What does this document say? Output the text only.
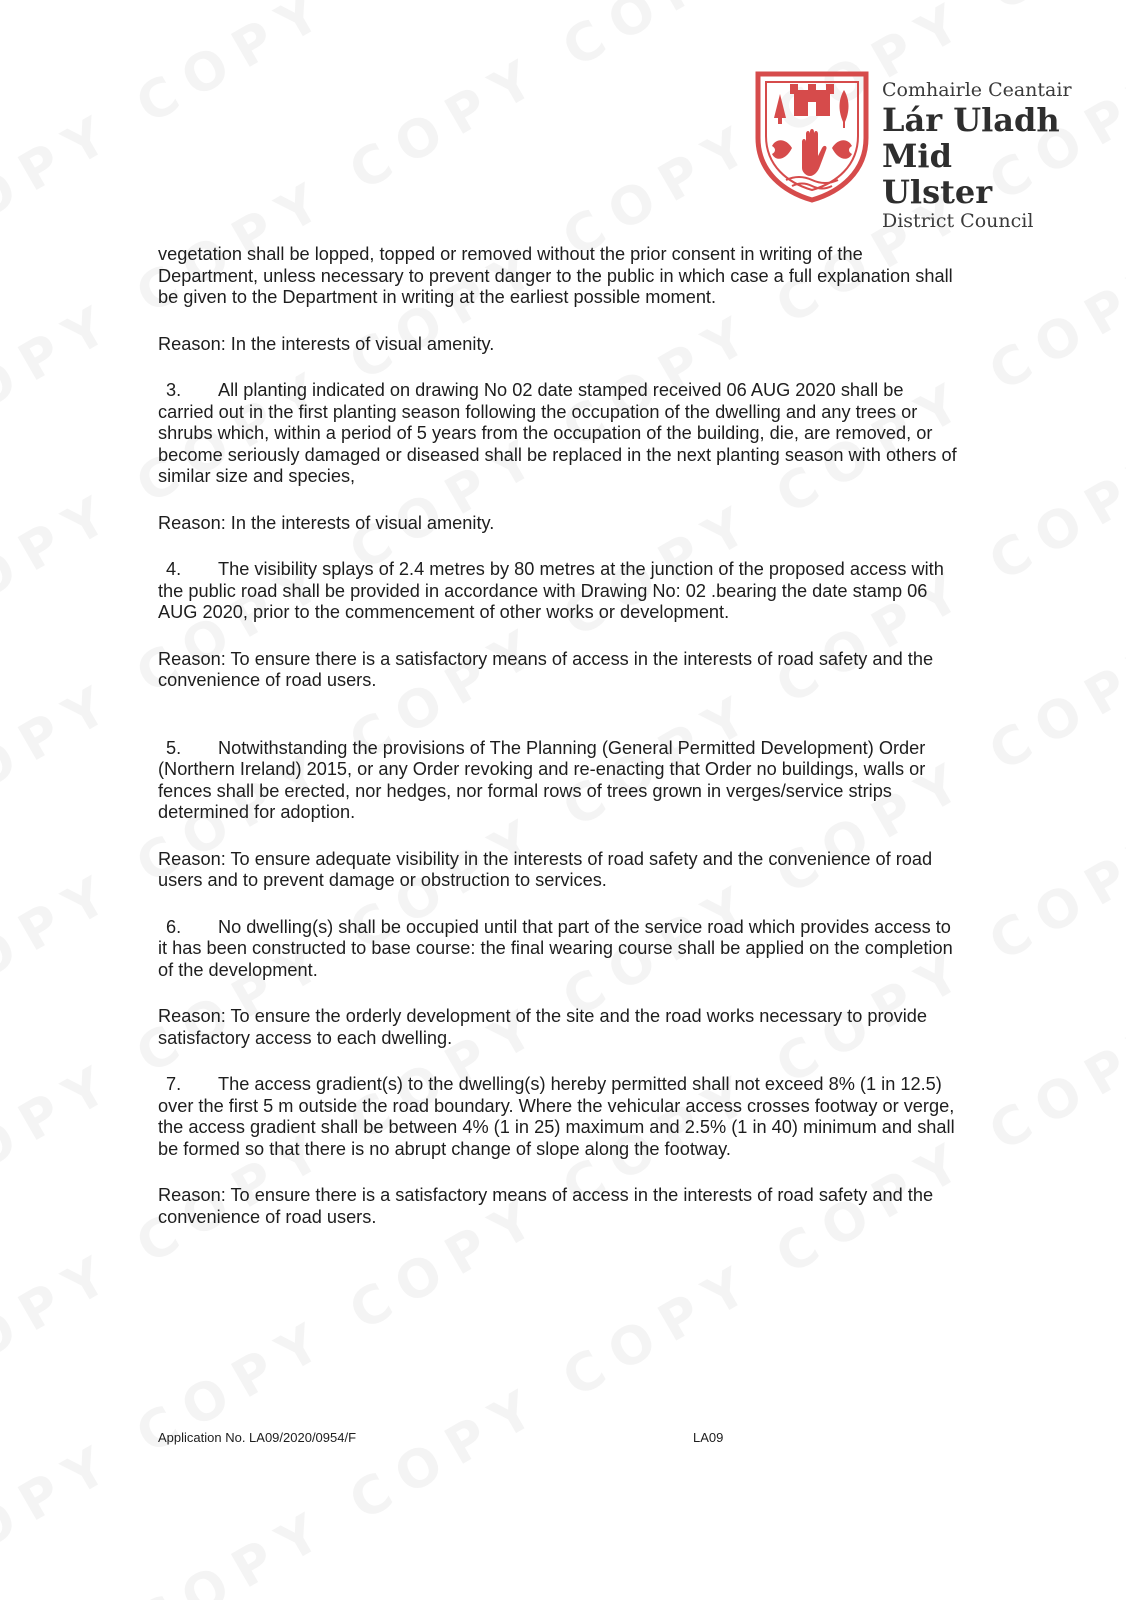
Comhairle Ceantair
Lár Uladh
Mid Ulster
District Council

vegetation shall be lopped, topped or removed without the prior consent in writing of the Department, unless necessary to prevent danger to the public in which case a full explanation shall be given to the Department in writing at the earliest possible moment.

Reason: In the interests of visual amenity.

3. All planting indicated on drawing No 02 date stamped received 06 AUG 2020 shall be carried out in the first planting season following the occupation of the dwelling and any trees or shrubs which, within a period of 5 years from the occupation of the building, die, are removed, or become seriously damaged or diseased shall be replaced in the next planting season with others of similar size and species,

Reason: In the interests of visual amenity.

4. The visibility splays of 2.4 metres by 80 metres at the junction of the proposed access with the public road shall be provided in accordance with Drawing No: 02 .bearing the date stamp 06 AUG 2020, prior to the commencement of other works or development.

Reason: To ensure there is a satisfactory means of access in the interests of road safety and the convenience of road users.

5. Notwithstanding the provisions of The Planning (General Permitted Development) Order (Northern Ireland) 2015, or any Order revoking and re-enacting that Order no buildings, walls or fences shall be erected, nor hedges, nor formal rows of trees grown in verges/service strips determined for adoption.

Reason: To ensure adequate visibility in the interests of road safety and the convenience of road users and to prevent damage or obstruction to services.

6. No dwelling(s) shall be occupied until that part of the service road which provides access to it has been constructed to base course: the final wearing course shall be applied on the completion of the development.

Reason: To ensure the orderly development of the site and the road works necessary to provide satisfactory access to each dwelling.

7. The access gradient(s) to the dwelling(s) hereby permitted shall not exceed 8% (1 in 12.5) over the first 5 m outside the road boundary. Where the vehicular access crosses footway or verge, the access gradient shall be between 4% (1 in 25) maximum and 2.5% (1 in 40) minimum and shall be formed so that there is no abrupt change of slope along the footway.

Reason: To ensure there is a satisfactory means of access in the interests of road safety and the convenience of road users.

Application No. LA09/2020/0954/F	LA09
